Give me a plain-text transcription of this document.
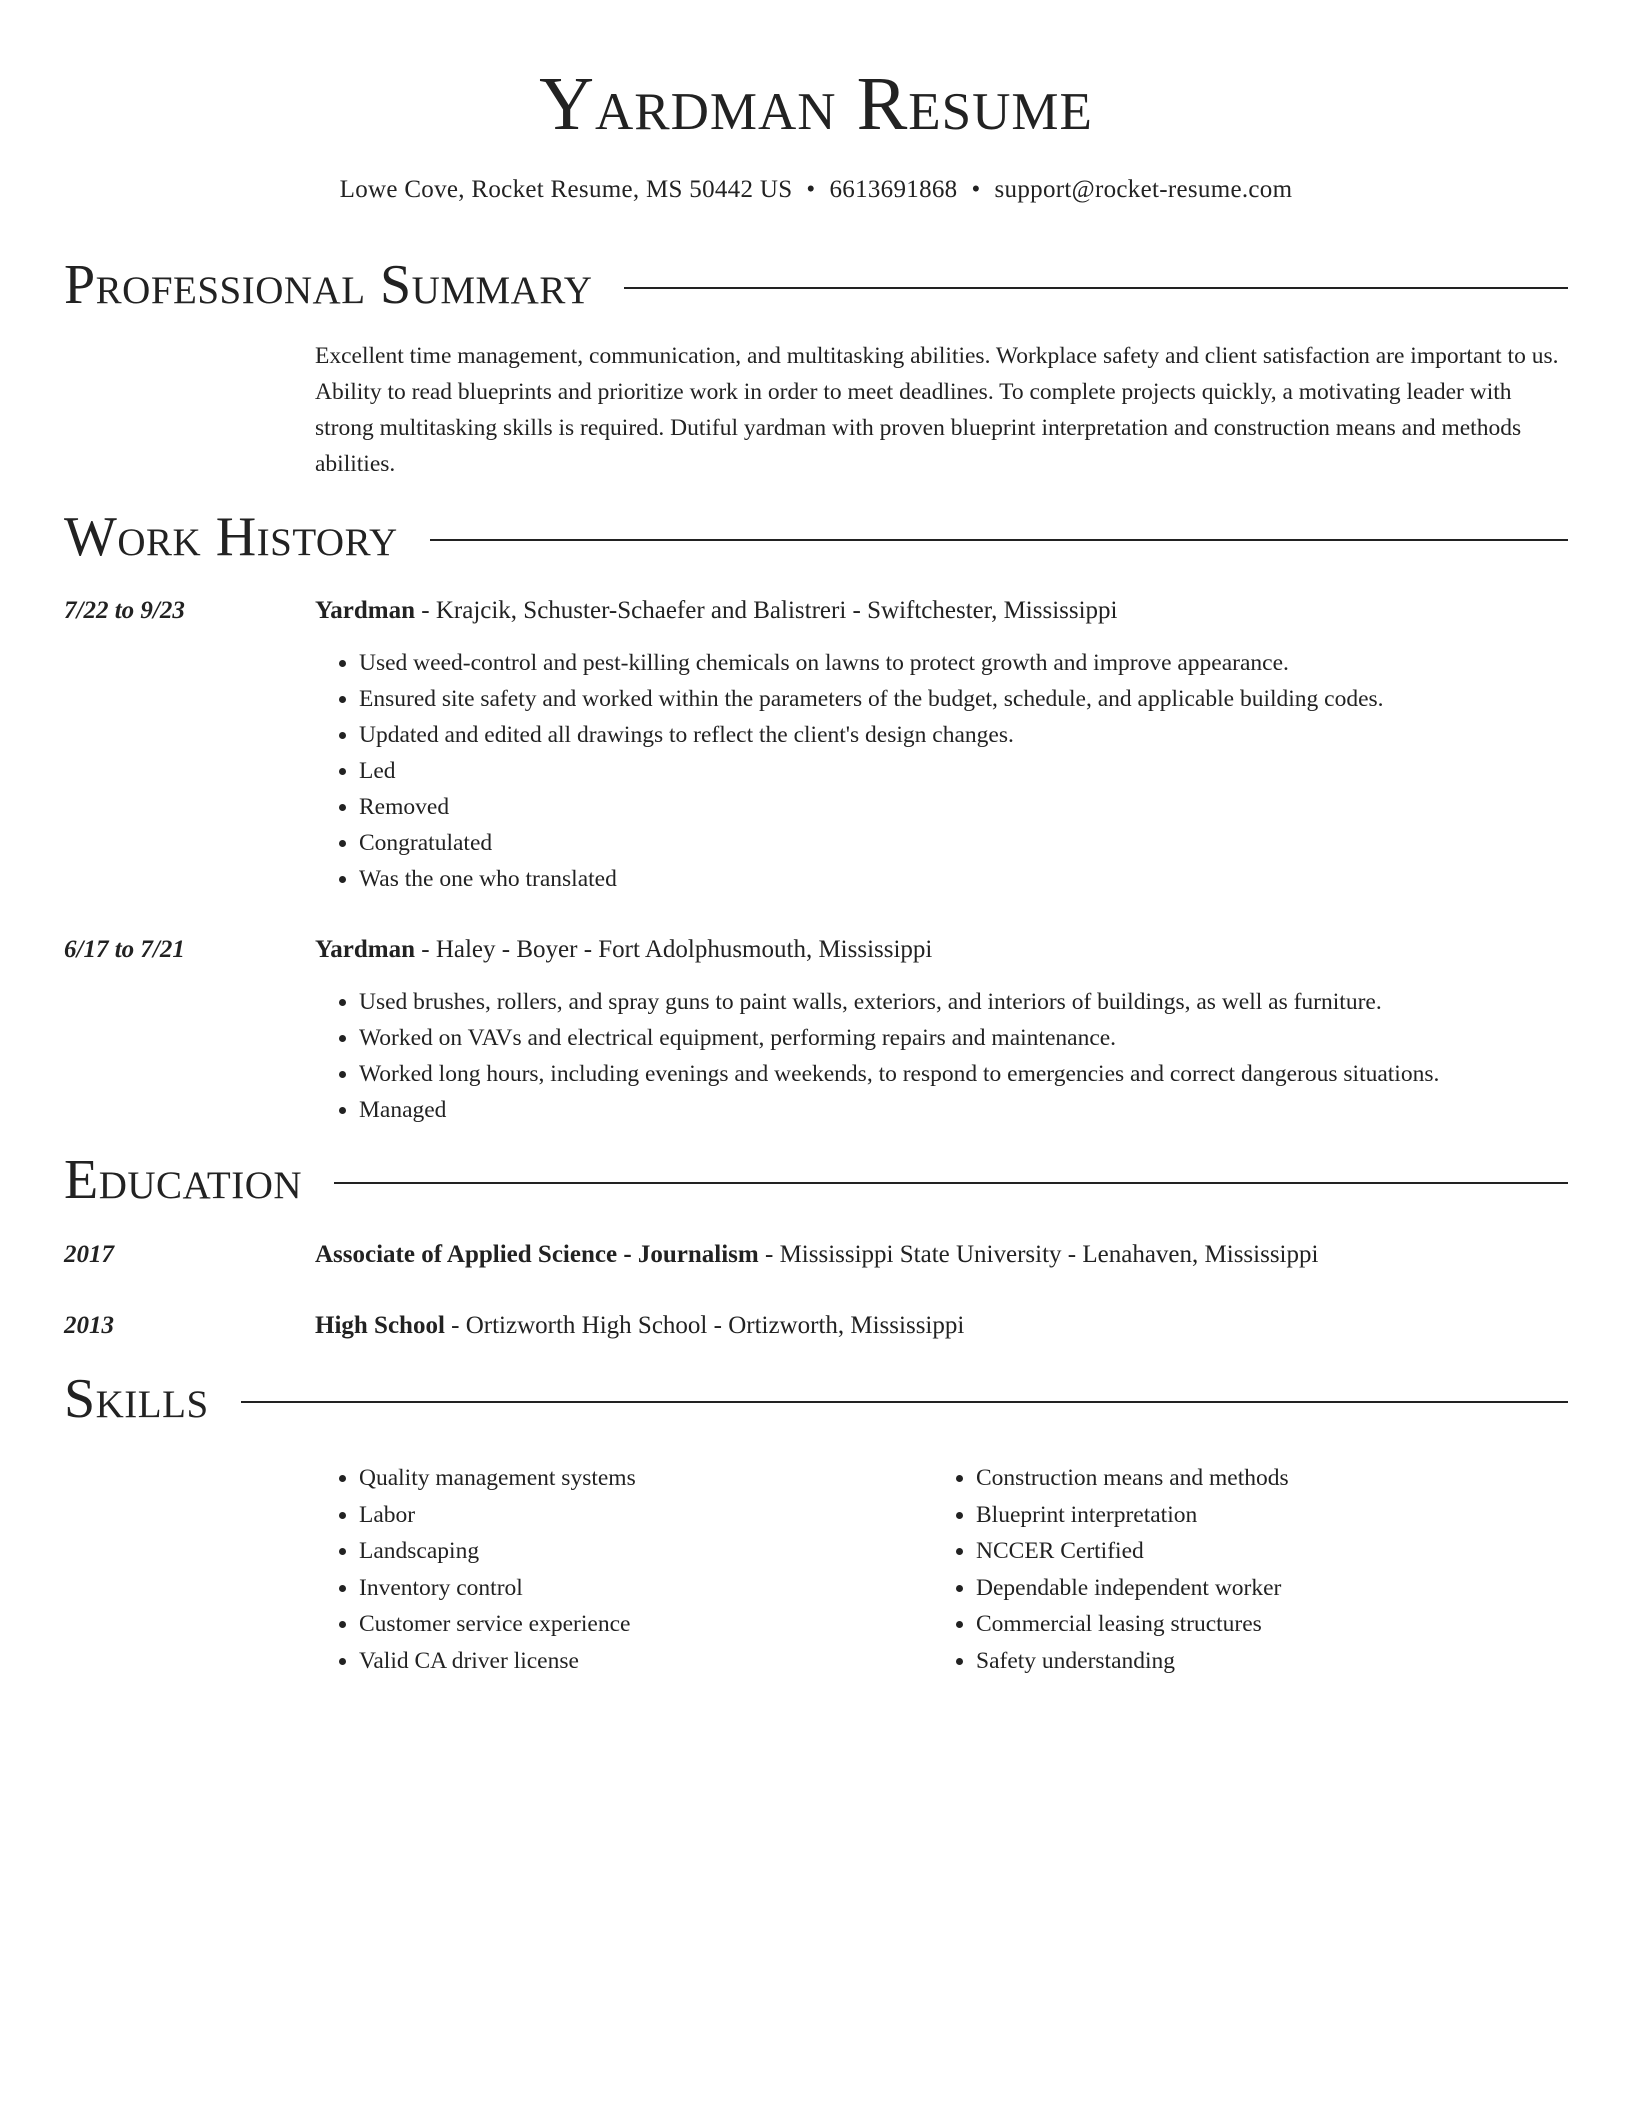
Yardman Resume
Lowe Cove, Rocket Resume, MS 50442 US • 6613691868 • support@rocket-resume.com
Professional Summary

Excellent time management, communication, and multitasking abilities. Workplace safety and client satisfaction are important to us. Ability to read blueprints and prioritize work in order to meet deadlines. To complete projects quickly, a motivating leader with strong multitasking skills is required. Dutiful yardman with proven blueprint interpretation and construction means and methods abilities.

Work History
7/22 to 9/23	Yardman - Krajcik, Schuster-Schaefer and Balistreri - Swiftchester, Mississippi
• Used weed-control and pest-killing chemicals on lawns to protect growth and improve appearance.
• Ensured site safety and worked within the parameters of the budget, schedule, and applicable building codes.
• Updated and edited all drawings to reflect the client's design changes.
• Led
• Removed
• Congratulated
• Was the one who translated
6/17 to 7/21	Yardman - Haley - Boyer - Fort Adolphusmouth, Mississippi
• Used brushes, rollers, and spray guns to paint walls, exteriors, and interiors of buildings, as well as furniture.
• Worked on VAVs and electrical equipment, performing repairs and maintenance.
• Worked long hours, including evenings and weekends, to respond to emergencies and correct dangerous situations.
• Managed
Education
2017	Associate of Applied Science - Journalism - Mississippi State University - Lenahaven, Mississippi
2013	High School - Ortizworth High School - Ortizworth, Mississippi
Skills
• Quality management systems
• Labor
• Landscaping
• Inventory control
• Customer service experience
• Valid CA driver license
• Construction means and methods
• Blueprint interpretation
• NCCER Certified
• Dependable independent worker
• Commercial leasing structures
• Safety understanding
